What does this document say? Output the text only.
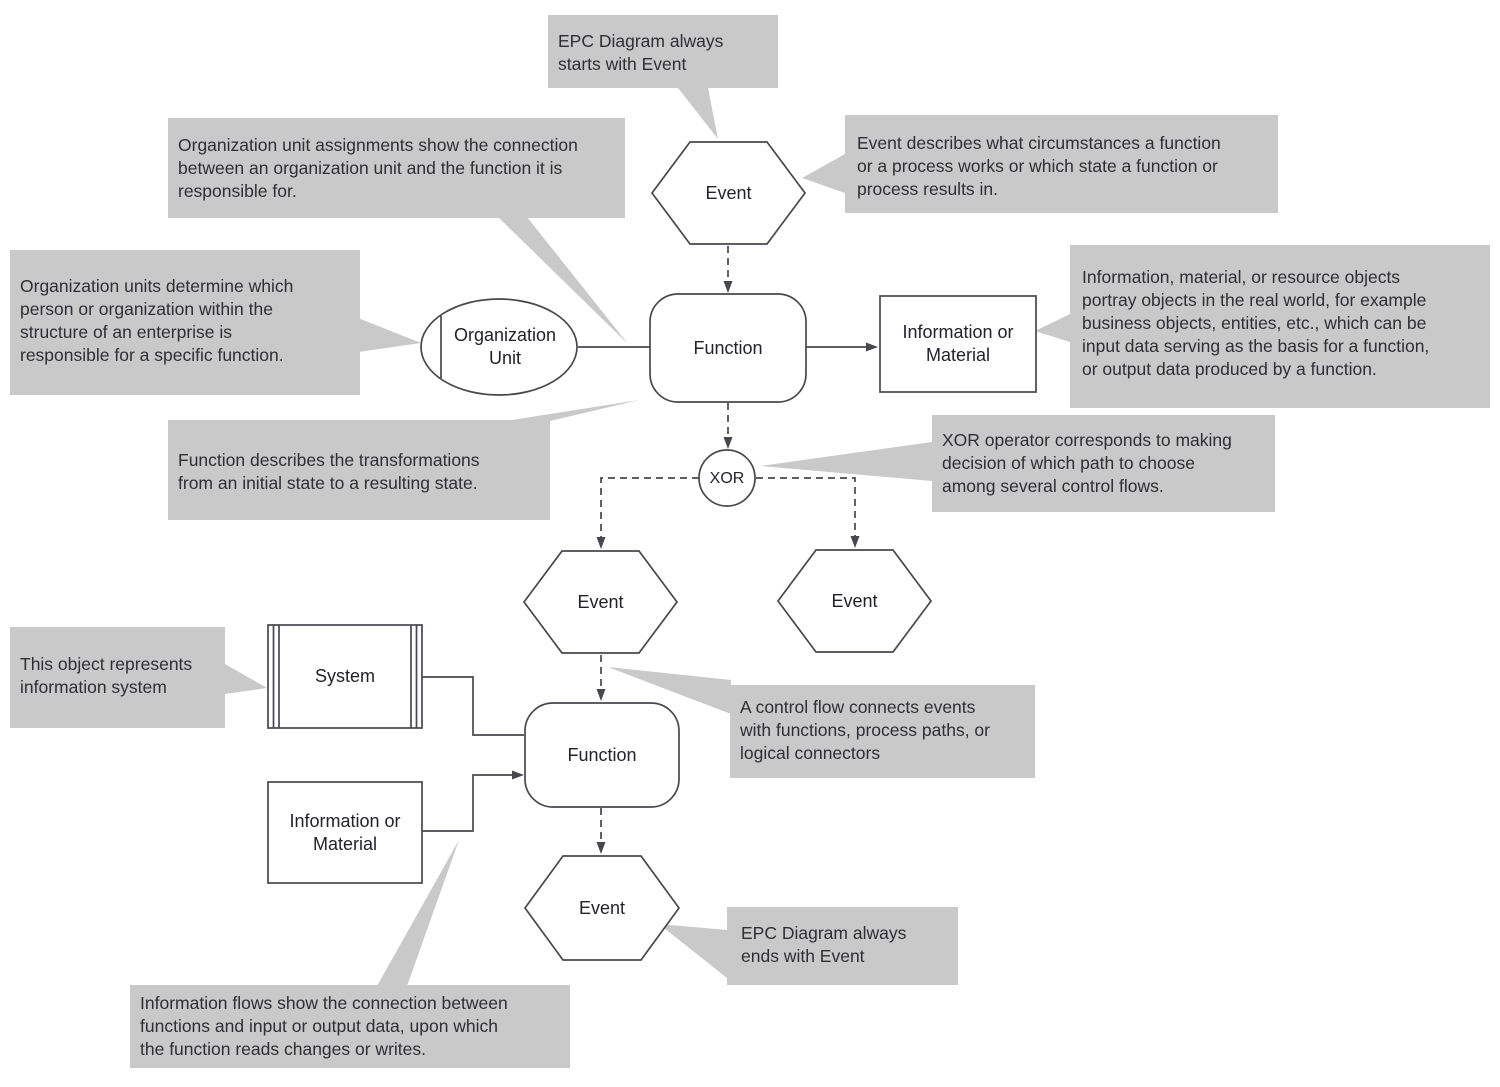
Event
Organization
Unit
Function
Information or
Material
XOR
Event	Event
System
Information or
Material
Function
Event
EPC Diagram always
starts with Event
Event describes what circumstances a function
or a process works or which state a function or
process results in.
Organization unit assignments show the connection
between an organization unit and the function it is
responsible for.
Organization units determine which
person or organization within the
structure of an enterprise is
responsible for a specific function.
Information, material, or resource objects
portray objects in the real world, for example
business objects, entities, etc., which can be
input data serving as the basis for a function,
or output data produced by a function.
Function describes the transformations
from an initial state to a resulting state.
XOR operator corresponds to making
decision of which path to choose
among several control flows.
This object represents
information system
A control flow connects events
with functions, process paths, or
logical connectors
EPC Diagram always
ends with Event
Information flows show the connection between
functions and input or output data, upon which
the function reads changes or writes.
